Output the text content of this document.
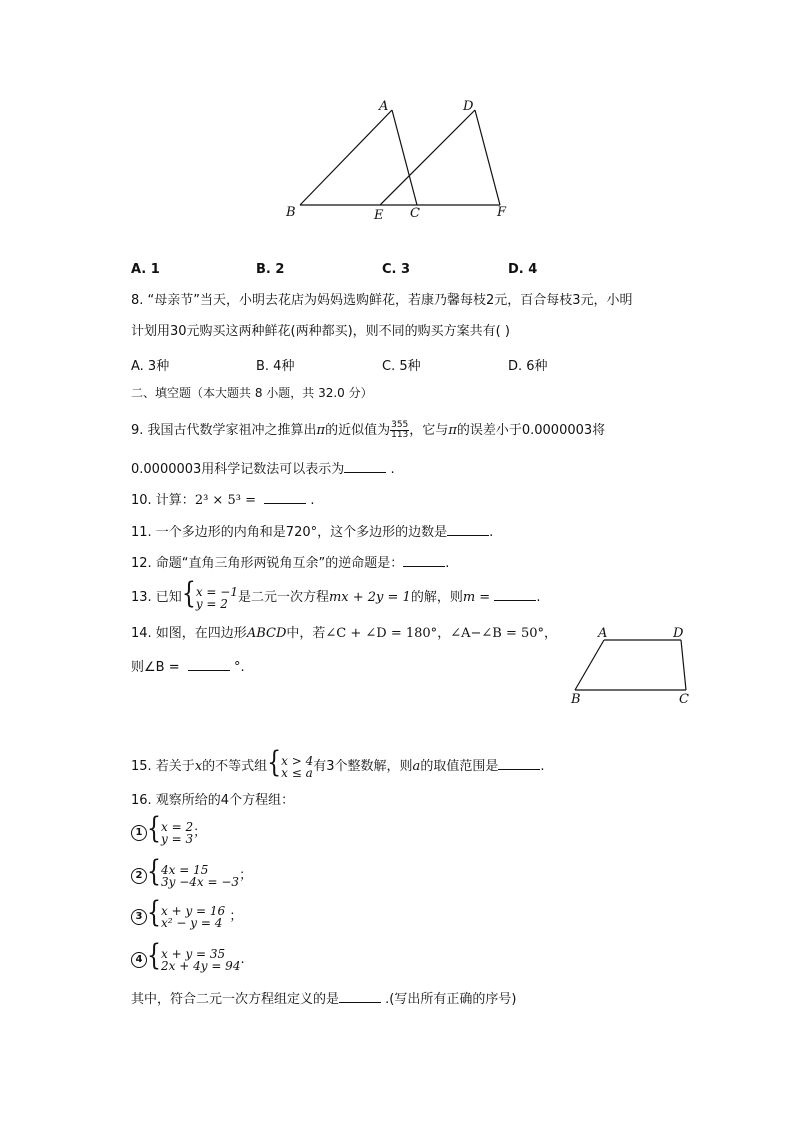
A	D
B	E C	F
A. 1	B. 2	C. 3	D. 4
8. “母亲节”当天，小明去花店为妈妈选购鲜花，若康乃馨每枝2元，百合每枝3元，小明
计划用30元购买这两种鲜花(两种都买)，则不同的购买方案共有( )
A. 3种	B. 4种	C. 5种	D. 6种
二、填空题（本大题共 8 小题，共 32.0 分）
9. 我国古代数学家祖冲之推算出π的近似值为 $\frac{355}{113}$ ，它与π的误差小于0.0000003将
0.0000003用科学记数法可以表示为	.
10. 计算：2³ × 5³ =	.
11. 一个多边形的内角和是720°，这个多边形的边数是	.
12. 命题“直角三角形两锐角互余”的逆命题是：	.
13. 已知{ x = −1
y = 2 是二元一次方程mx + 2y = 1的解，则m =	.
14. 如图，在四边形ABCD中，若∠C + ∠D = 180°，∠A−∠B = 50°，
则∠B =	°.
A	D
B	C
15. 若关于x的不等式组{ x > 4
x ≤ a 有3个整数解，则a的取值范围是	.
16. 观察所给的4个方程组：
1 { x = 2
y = 3 ；
2 { 4x = 15
3y −4x = −3 ；
3 { x + y = 16
x² − y = 4 ；
4 { x + y = 35
2x + 4y = 94 .
其中，符合二元一次方程组定义的是	.(写出所有正确的序号)
